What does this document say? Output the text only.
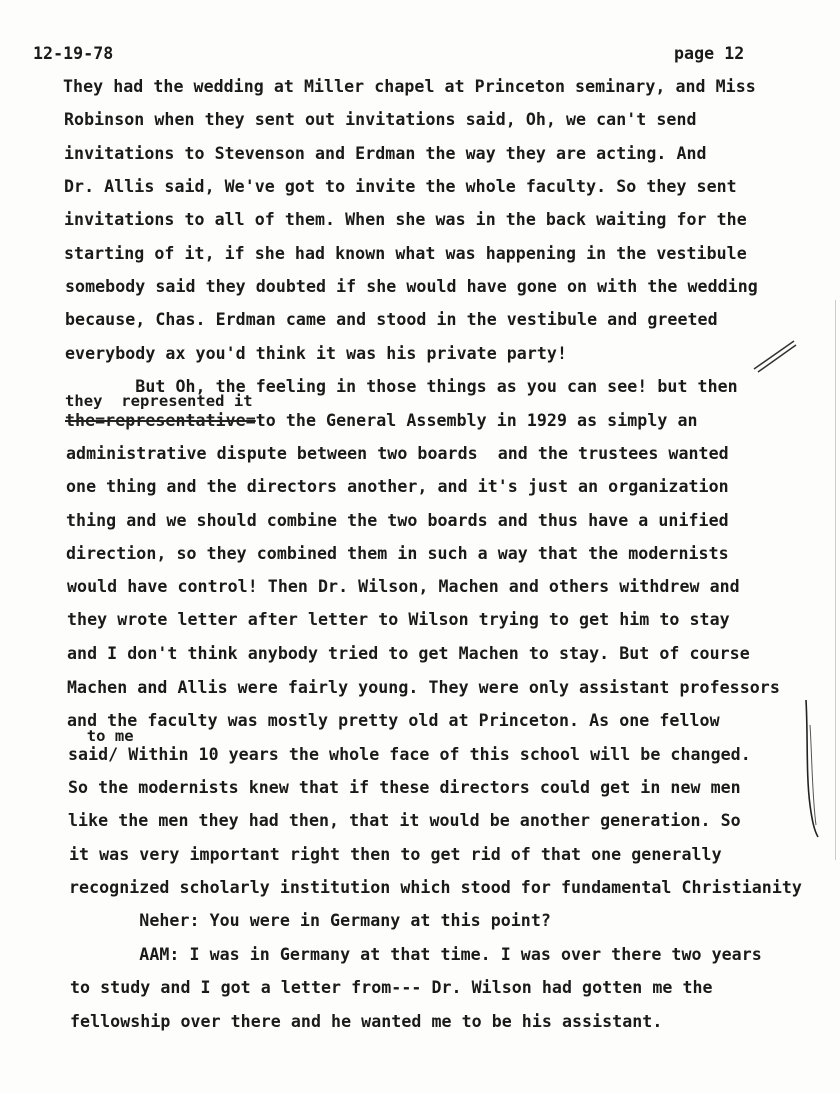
12-19-78	page 12
They had the wedding at Miller chapel at Princeton seminary, and Miss
Robinson when they sent out invitations said, Oh, we can't send
invitations to Stevenson and Erdman the way they are acting. And
Dr. Allis said, We've got to invite the whole faculty. So they sent
invitations to all of them. When she was in the back waiting for the
starting of it, if she had known what was happening in the vestibule
somebody said they doubted if she would have gone on with the wedding
because, Chas. Erdman came and stood in the vestibule and greeted
everybody ax you'd think it was his private party!
But Oh, the feeling in those things as you can see! but then
they  represented it
the=representative=to the General Assembly in 1929 as simply an
administrative dispute between two boards  and the trustees wanted
one thing and the directors another, and it's just an organization
thing and we should combine the two boards and thus have a unified
direction, so they combined them in such a way that the modernists
would have control! Then Dr. Wilson, Machen and others withdrew and
they wrote letter after letter to Wilson trying to get him to stay
and I don't think anybody tried to get Machen to stay. But of course
Machen and Allis were fairly young. They were only assistant professors
and the faculty was mostly pretty old at Princeton. As one fellow
to me
said/ Within 10 years the whole face of this school will be changed.
So the modernists knew that if these directors could get in new men
like the men they had then, that it would be another generation. So
it was very important right then to get rid of that one generally
recognized scholarly institution which stood for fundamental Christianity
Neher: You were in Germany at this point?
AAM: I was in Germany at that time. I was over there two years
to study and I got a letter from--- Dr. Wilson had gotten me the
fellowship over there and he wanted me to be his assistant.
